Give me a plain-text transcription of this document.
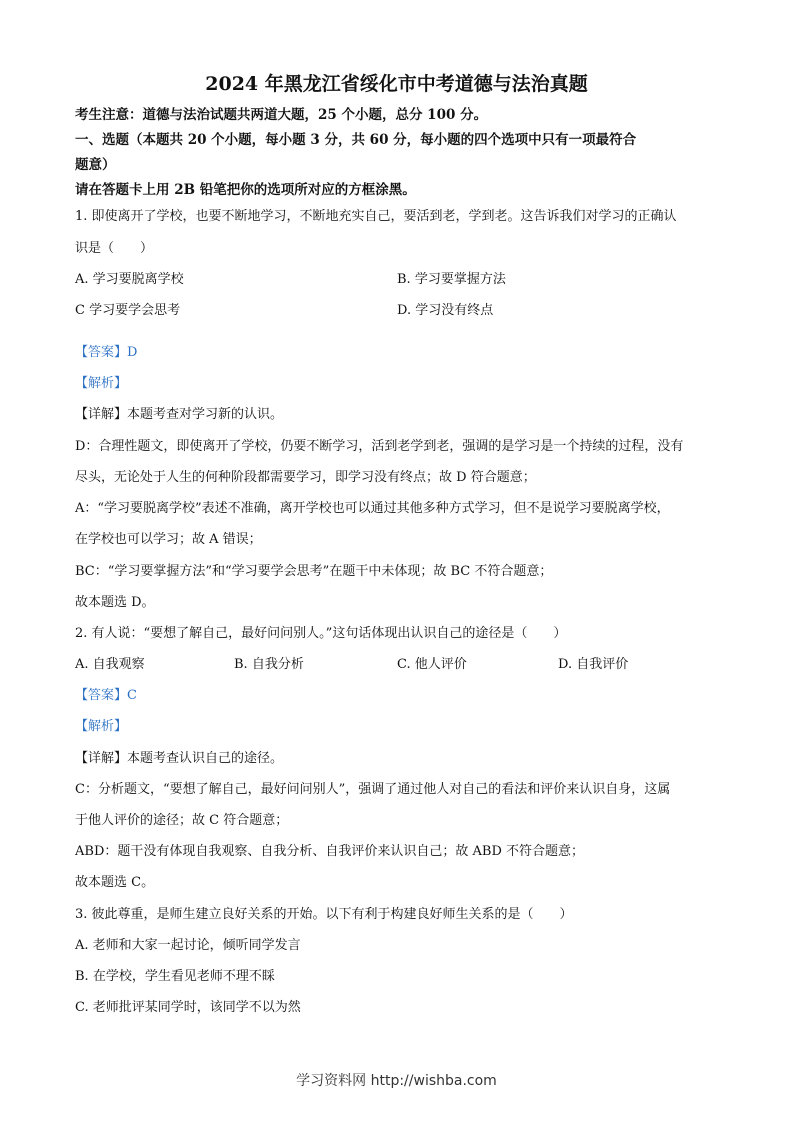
2024 年黑龙江省绥化市中考道德与法治真题
考生注意：道德与法治试题共两道大题，25 个小题，总分 100 分。
一、选题（本题共 20 个小题，每小题 3 分，共 60 分，每小题的四个选项中只有一项最符合
题意）
请在答题卡上用 2B 铅笔把你的选项所对应的方框涂黑。
1. 即使离开了学校，也要不断地学习，不断地充实自己，要活到老，学到老。这告诉我们对学习的正确认
识是（　　）
A. 学习要脱离学校	B. 学习要掌握方法
C 学习要学会思考	D. 学习没有终点
【答案】D
【解析】
【详解】本题考查对学习新的认识。
D：合理性题文，即使离开了学校，仍要不断学习，活到老学到老，强调的是学习是一个持续的过程，没有
尽头，无论处于人生的何种阶段都需要学习，即学习没有终点；故 D 符合题意；
A：“学习要脱离学校”表述不准确，离开学校也可以通过其他多种方式学习，但不是说学习要脱离学校，
在学校也可以学习；故 A 错误；
BC：“学习要掌握方法”和“学习要学会思考”在题干中未体现；故 BC 不符合题意；
故本题选 D。
2. 有人说：“要想了解自己，最好问问别人。”这句话体现出认识自己的途径是（　　）
A. 自我观察	B. 自我分析	C. 他人评价	D. 自我评价
【答案】C
【解析】
【详解】本题考查认识自己的途径。
C：分析题文，“要想了解自己，最好问问别人”，强调了通过他人对自己的看法和评价来认识自身，这属
于他人评价的途径；故 C 符合题意；
ABD：题干没有体现自我观察、自我分析、自我评价来认识自己；故 ABD 不符合题意；
故本题选 C。
3. 彼此尊重，是师生建立良好关系的开始。以下有利于构建良好师生关系的是（　　）
A. 老师和大家一起讨论，倾听同学发言
B. 在学校，学生看见老师不理不睬
C. 老师批评某同学时，该同学不以为然
学习资料网 http://wishba.com
